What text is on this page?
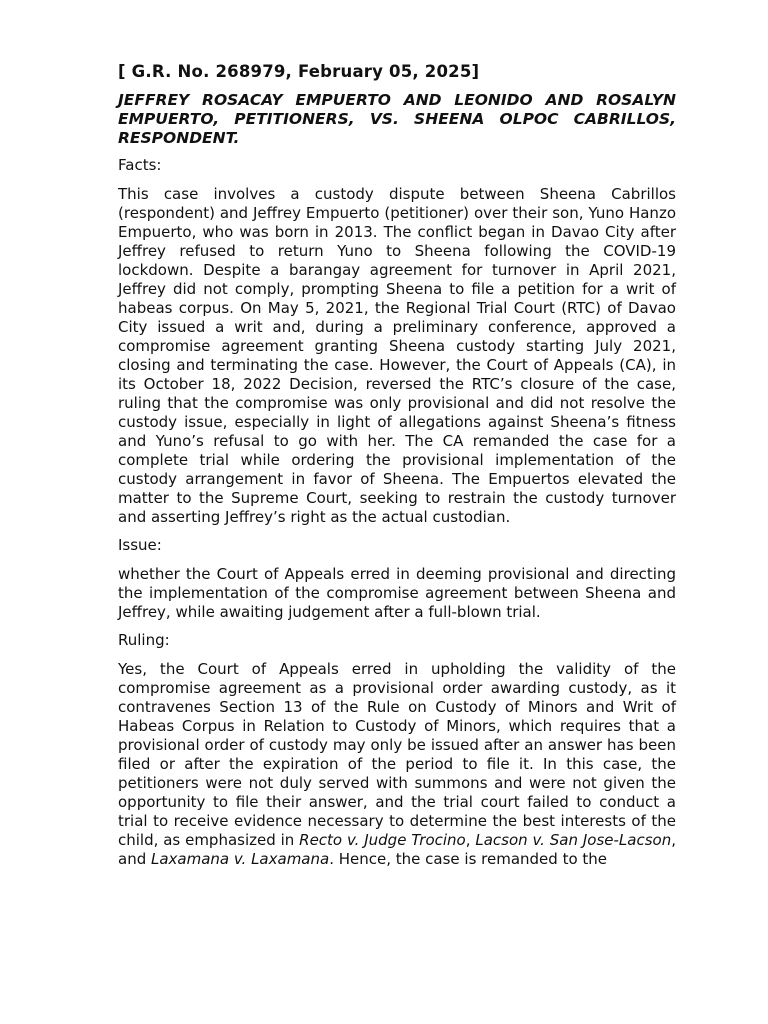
[ G.R. No. 268979, February 05, 2025]

JEFFREY ROSACAY EMPUERTO AND LEONIDO AND ROSALYN EMPUERTO, PETITIONERS, VS. SHEENA OLPOC CABRILLOS, RESPONDENT.

Facts:

This case involves a custody dispute between Sheena Cabrillos (respondent) and Jeffrey Empuerto (petitioner) over their son, Yuno Hanzo Empuerto, who was born in 2013. The conflict began in Davao City after Jeffrey refused to return Yuno to Sheena following the COVID-19 lockdown. Despite a barangay agreement for turnover in April 2021, Jeffrey did not comply, prompting Sheena to file a petition for a writ of habeas corpus. On May 5, 2021, the Regional Trial Court (RTC) of Davao City issued a writ and, during a preliminary conference, approved a compromise agreement granting Sheena custody starting July 2021, closing and terminating the case. However, the Court of Appeals (CA), in its October 18, 2022 Decision, reversed the RTC’s closure of the case, ruling that the compromise was only provisional and did not resolve the custody issue, especially in light of allegations against Sheena’s fitness and Yuno’s refusal to go with her. The CA remanded the case for a complete trial while ordering the provisional implementation of the custody arrangement in favor of Sheena. The Empuertos elevated the matter to the Supreme Court, seeking to restrain the custody turnover and asserting Jeffrey’s right as the actual custodian.

Issue:

whether the Court of Appeals erred in deeming provisional and directing the implementation of the compromise agreement between Sheena and Jeffrey, while awaiting judgement after a full-blown trial.

Ruling:

Yes, the Court of Appeals erred in upholding the validity of the compromise agreement as a provisional order awarding custody, as it contravenes Section 13 of the Rule on Custody of Minors and Writ of Habeas Corpus in Relation to Custody of Minors, which requires that a provisional order of custody may only be issued after an answer has been filed or after the expiration of the period to file it. In this case, the petitioners were not duly served with summons and were not given the opportunity to file their answer, and the trial court failed to conduct a trial to receive evidence necessary to determine the best interests of the child, as emphasized in Recto v. Judge Trocino, Lacson v. San Jose-Lacson, and Laxamana v. Laxamana. Hence, the case is remanded to the
